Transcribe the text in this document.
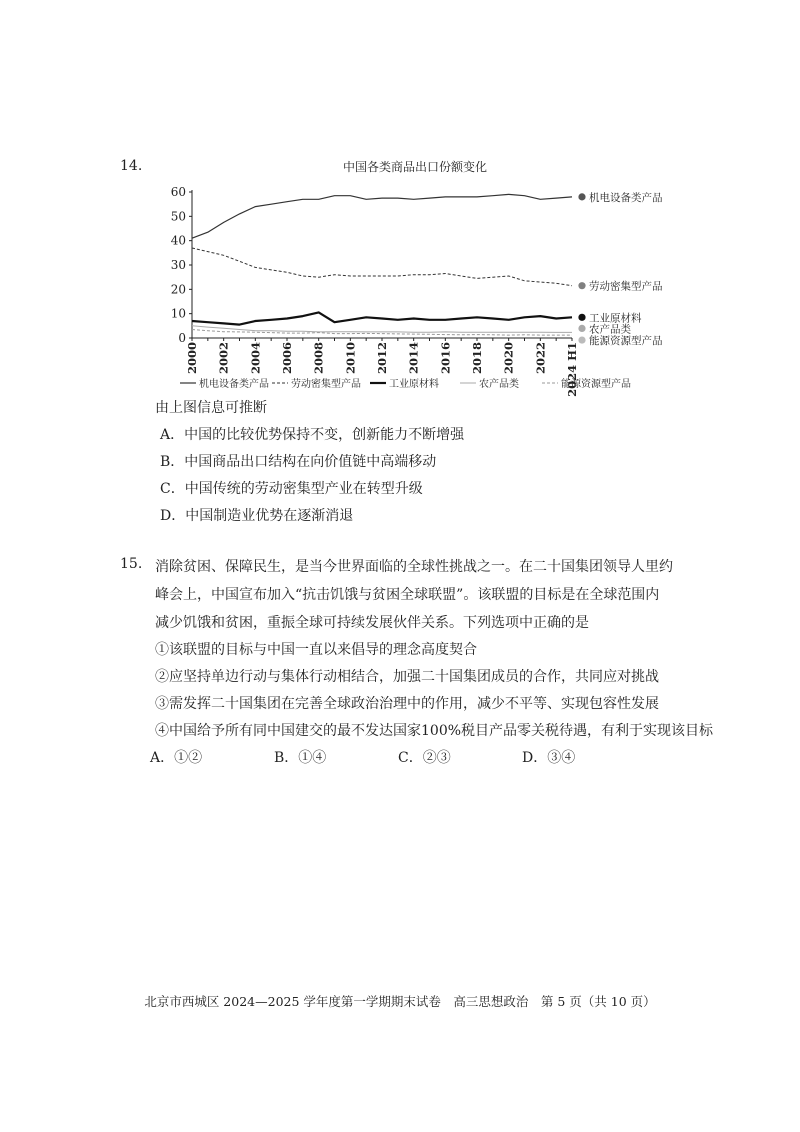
14.	中国各类商品出口份额变化
0
10
20
30
40
50
60
2000 2002 2004 2006 2008 2010 2012 2014 2016 2018 2020 2022 2024 H1
机电设备类产品
劳动密集型产品
工业原材料
农产品类
能源资源型产品
机电设备类产品 劳动密集型产品	工业原材料	农产品类	能源资源型产品
由上图信息可推断
A．中国的比较优势保持不变，创新能力不断增强
B．中国商品出口结构在向价值链中高端移动
C．中国传统的劳动密集型产业在转型升级
D．中国制造业优势在逐渐消退
15. 消除贫困、保障民生，是当今世界面临的全球性挑战之一。在二十国集团领导人里约
峰会上，中国宣布加入“抗击饥饿与贫困全球联盟”。该联盟的目标是在全球范围内
减少饥饿和贫困，重振全球可持续发展伙伴关系。下列选项中正确的是
①该联盟的目标与中国一直以来倡导的理念高度契合
②应坚持单边行动与集体行动相结合，加强二十国集团成员的合作，共同应对挑战
③需发挥二十国集团在完善全球政治治理中的作用，减少不平等、实现包容性发展
④中国给予所有同中国建交的最不发达国家100%税目产品零关税待遇，有利于实现该目标
A．①②	B．①④	C．②③	D．③④
北京市西城区 2024—2025 学年度第一学期期末试卷　高三思想政治　第 5 页（共 10 页）
